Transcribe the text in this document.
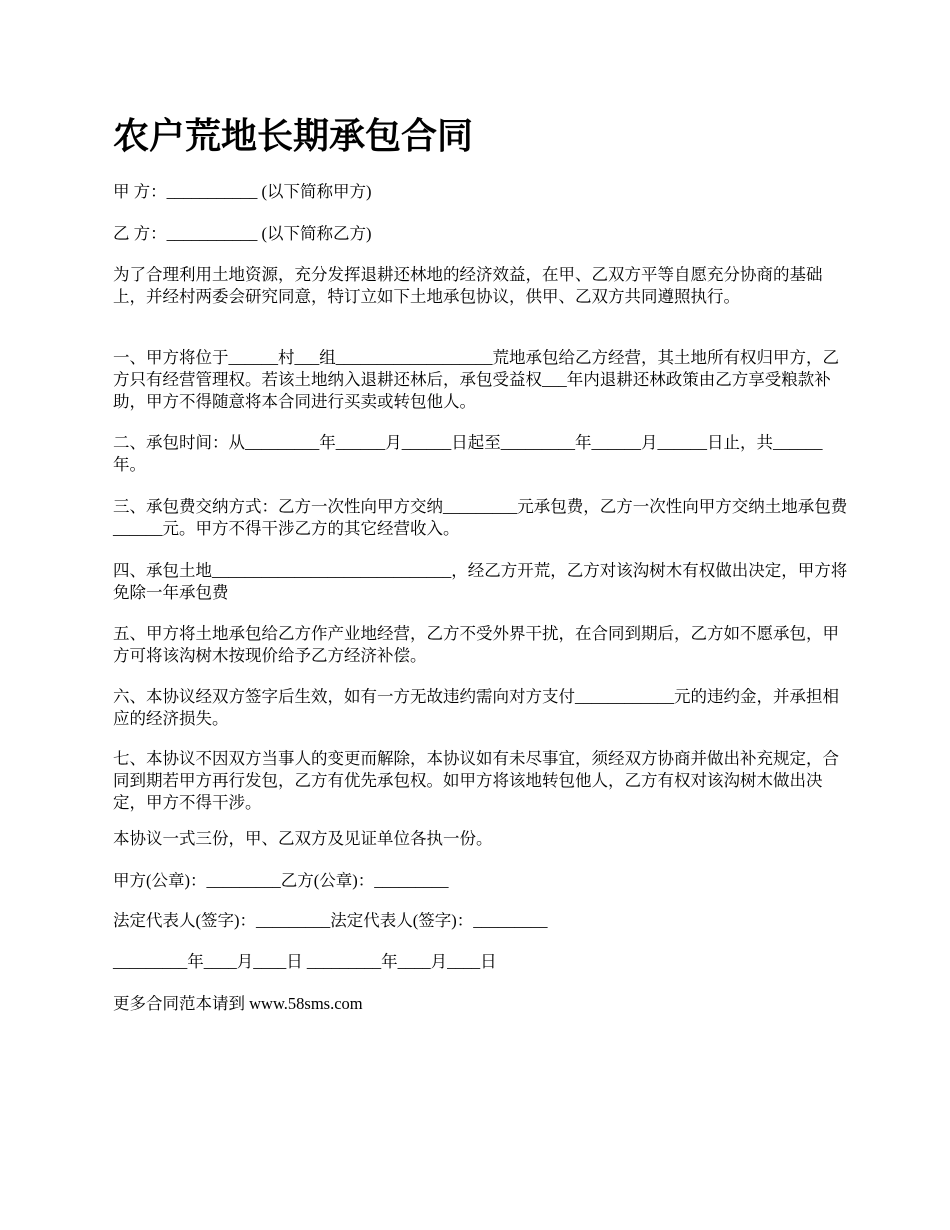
农户荒地长期承包合同

甲 方：___________ (以下简称甲方)

乙 方：___________ (以下简称乙方)

为了合理利用土地资源，充分发挥退耕还林地的经济效益，在甲、乙双方平等自愿充分协商的基础上，并经村两委会研究同意，特订立如下土地承包协议，供甲、乙双方共同遵照执行。

一、甲方将位于______村___组___________________荒地承包给乙方经营，其土地所有权归甲方，乙方只有经营管理权。若该土地纳入退耕还林后，承包受益权___年内退耕还林政策由乙方享受粮款补助，甲方不得随意将本合同进行买卖或转包他人。

二、承包时间：从_________年______月______日起至_________年______月______日止，共______年。

三、承包费交纳方式：乙方一次性向甲方交纳_________元承包费，乙方一次性向甲方交纳土地承包费______元。甲方不得干涉乙方的其它经营收入。

四、承包土地_____________________________，经乙方开荒，乙方对该沟树木有权做出决定，甲方将免除一年承包费

五、甲方将土地承包给乙方作产业地经营，乙方不受外界干扰，在合同到期后，乙方如不愿承包，甲方可将该沟树木按现价给予乙方经济补偿。

六、本协议经双方签字后生效，如有一方无故违约需向对方支付____________元的违约金，并承担相应的经济损失。

七、本协议不因双方当事人的变更而解除，本协议如有未尽事宜，须经双方协商并做出补充规定，合同到期若甲方再行发包，乙方有优先承包权。如甲方将该地转包他人，乙方有权对该沟树木做出决定，甲方不得干涉。

本协议一式三份，甲、乙双方及见证单位各执一份。

甲方(公章)：_________乙方(公章)：_________

法定代表人(签字)：_________法定代表人(签字)：_________

_________年____月____日 _________年____月____日

更多合同范本请到 www.58sms.com
